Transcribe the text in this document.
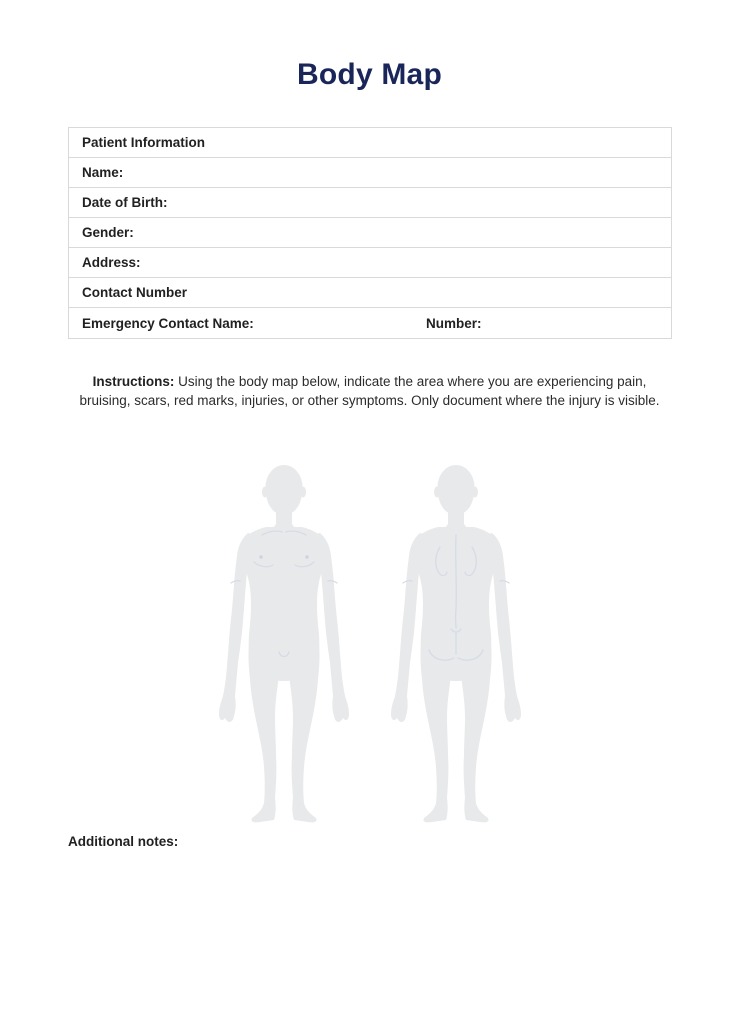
Body Map
Patient Information
Name:
Date of Birth:
Gender:
Address:
Contact Number
Emergency Contact Name:	Number:

Instructions: Using the body map below, indicate the area where you are experiencing pain, bruising, scars, red marks, injuries, or other symptoms. Only document where the injury is visible.

Additional notes:
